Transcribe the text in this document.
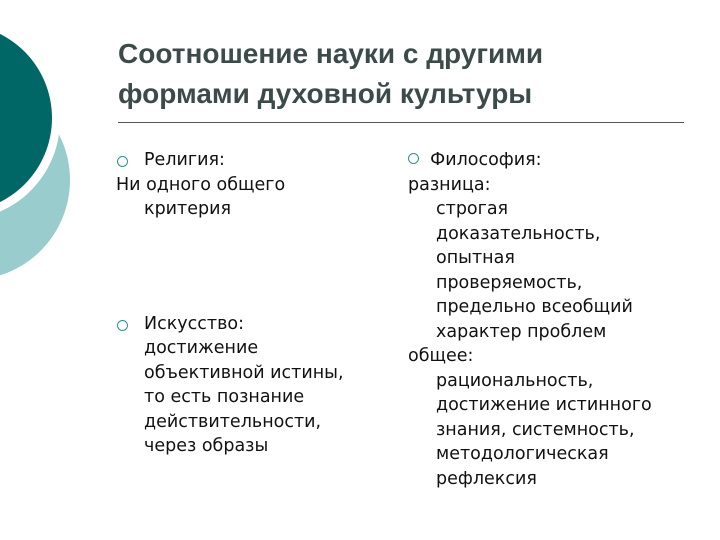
Соотношение науки с другими
формами духовной культуры
Религия:
Ни одного общего
критерия
Искусство:
достижение
объективной истины,
то есть познание
действительности,
через образы
Философия:
разница:
строгая
доказательность,
опытная
проверяемость,
предельно всеобщий
характер проблем
общее:
рациональность,
достижение истинного
знания, системность,
методологическая
рефлексия
